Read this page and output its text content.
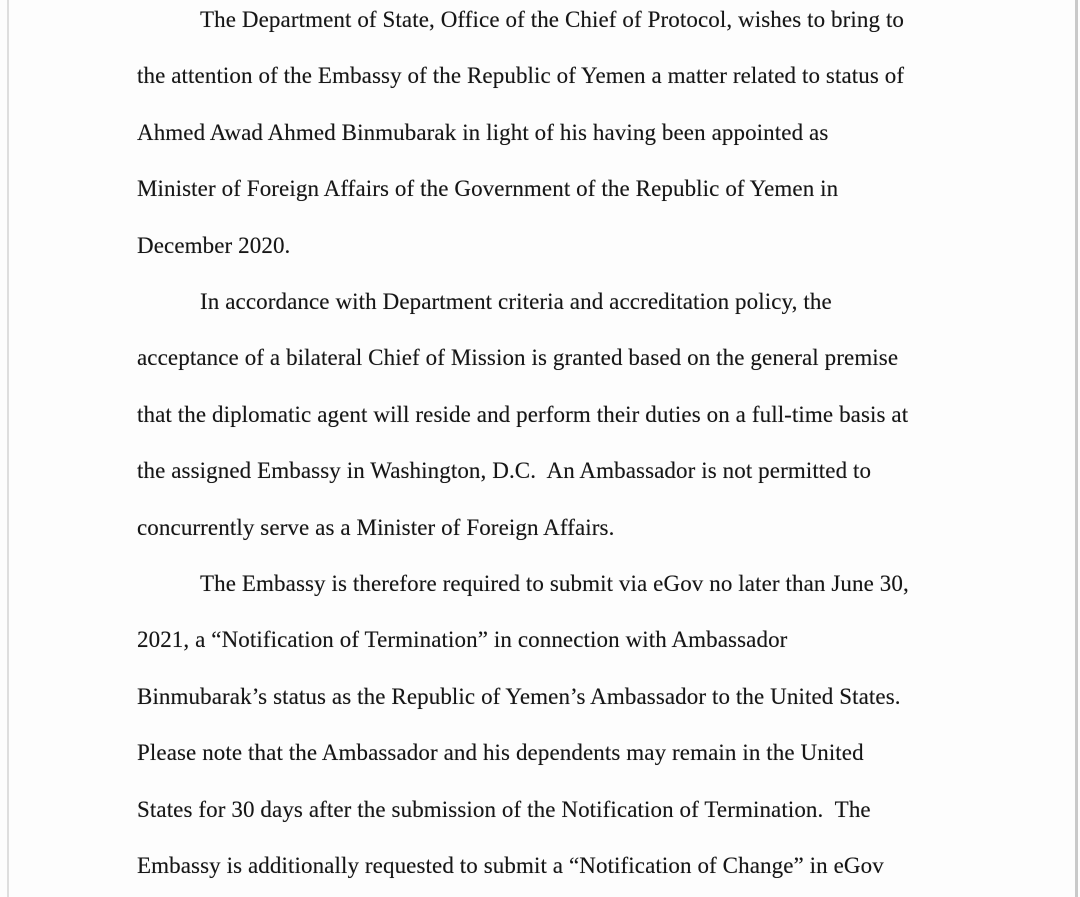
The Department of State, Office of the Chief of Protocol, wishes to bring to
the attention of the Embassy of the Republic of Yemen a matter related to status of
Ahmed Awad Ahmed Binmubarak in light of his having been appointed as
Minister of Foreign Affairs of the Government of the Republic of Yemen in
December 2020.
In accordance with Department criteria and accreditation policy, the
acceptance of a bilateral Chief of Mission is granted based on the general premise
that the diplomatic agent will reside and perform their duties on a full-time basis at
the assigned Embassy in Washington, D.C.  An Ambassador is not permitted to
concurrently serve as a Minister of Foreign Affairs.
The Embassy is therefore required to submit via eGov no later than June 30,
2021, a “Notification of Termination” in connection with Ambassador
Binmubarak’s status as the Republic of Yemen’s Ambassador to the United States.
Please note that the Ambassador and his dependents may remain in the United
States for 30 days after the submission of the Notification of Termination.  The
Embassy is additionally requested to submit a “Notification of Change” in eGov
